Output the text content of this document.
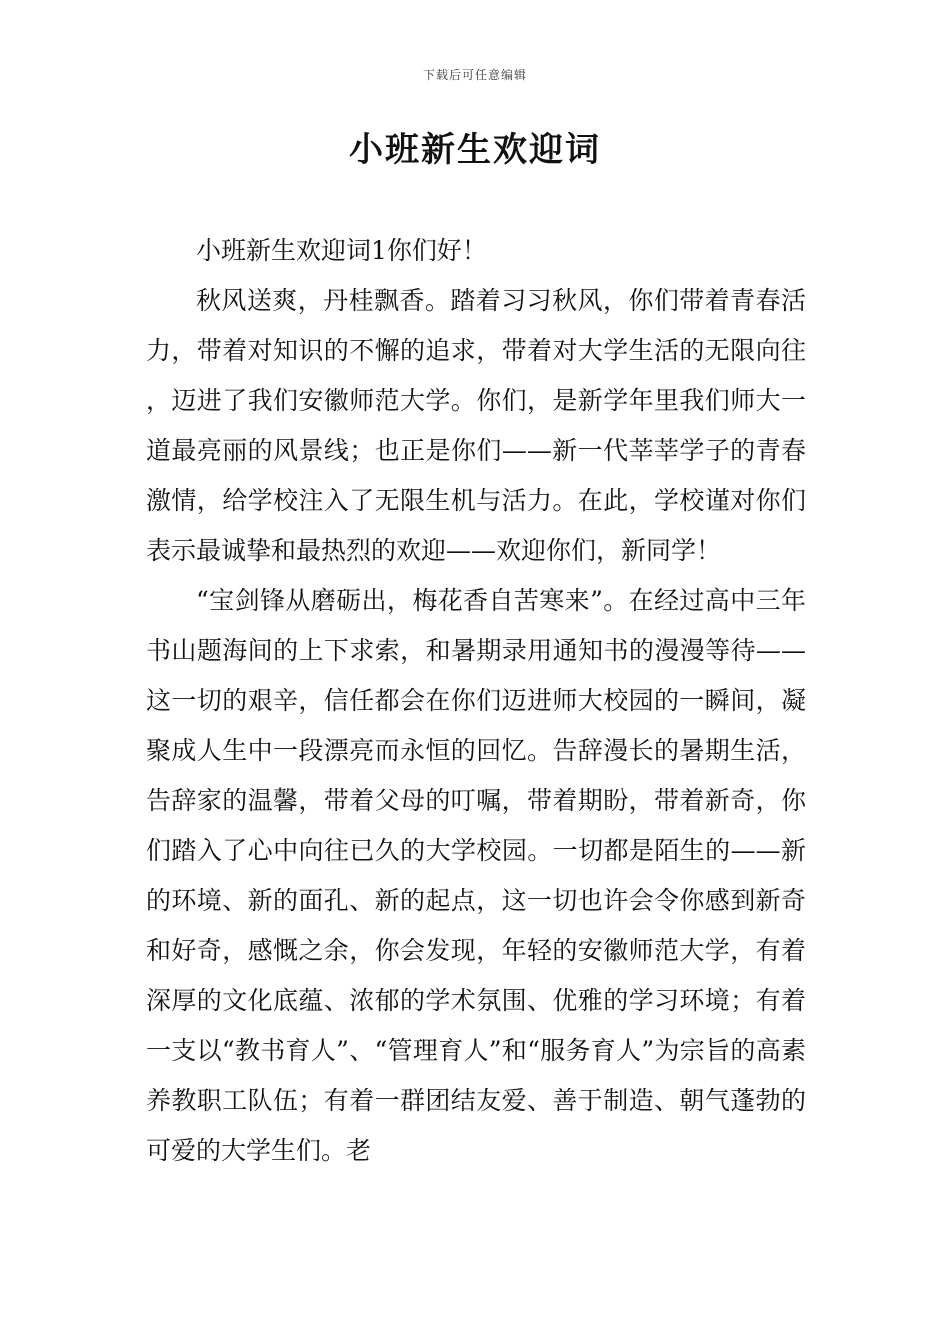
下载后可任意编辑
小班新生欢迎词

小班新生欢迎词1你们好！

秋风送爽，丹桂飘香。踏着习习秋风，你们带着青春活力，带着对知识的不懈的追求，带着对大学生活的无限向往，迈进了我们安徽师范大学。你们，是新学年里我们师大一道最亮丽的风景线；也正是你们——新一代莘莘学子的青春激情，给学校注入了无限生机与活力。在此，学校谨对你们表示最诚挚和最热烈的欢迎——欢迎你们，新同学！

“宝剑锋从磨砺出，梅花香自苦寒来”。在经过高中三年书山题海间的上下求索，和暑期录用通知书的漫漫等待——这一切的艰辛，信任都会在你们迈进师大校园的一瞬间，凝聚成人生中一段漂亮而永恒的回忆。告辞漫长的暑期生活，告辞家的温馨，带着父母的叮嘱，带着期盼，带着新奇，你们踏入了心中向往已久的大学校园。一切都是陌生的——新的环境、新的面孔、新的起点，这一切也许会令你感到新奇和好奇，感慨之余，你会发现，年轻的安徽师范大学，有着深厚的文化底蕴、浓郁的学术氛围、优雅的学习环境；有着一支以“教书育人”、“管理育人”和“服务育人”为宗旨的高素养教职工队伍；有着一群团结友爱、善于制造、朝气蓬勃的可爱的大学生们。老
